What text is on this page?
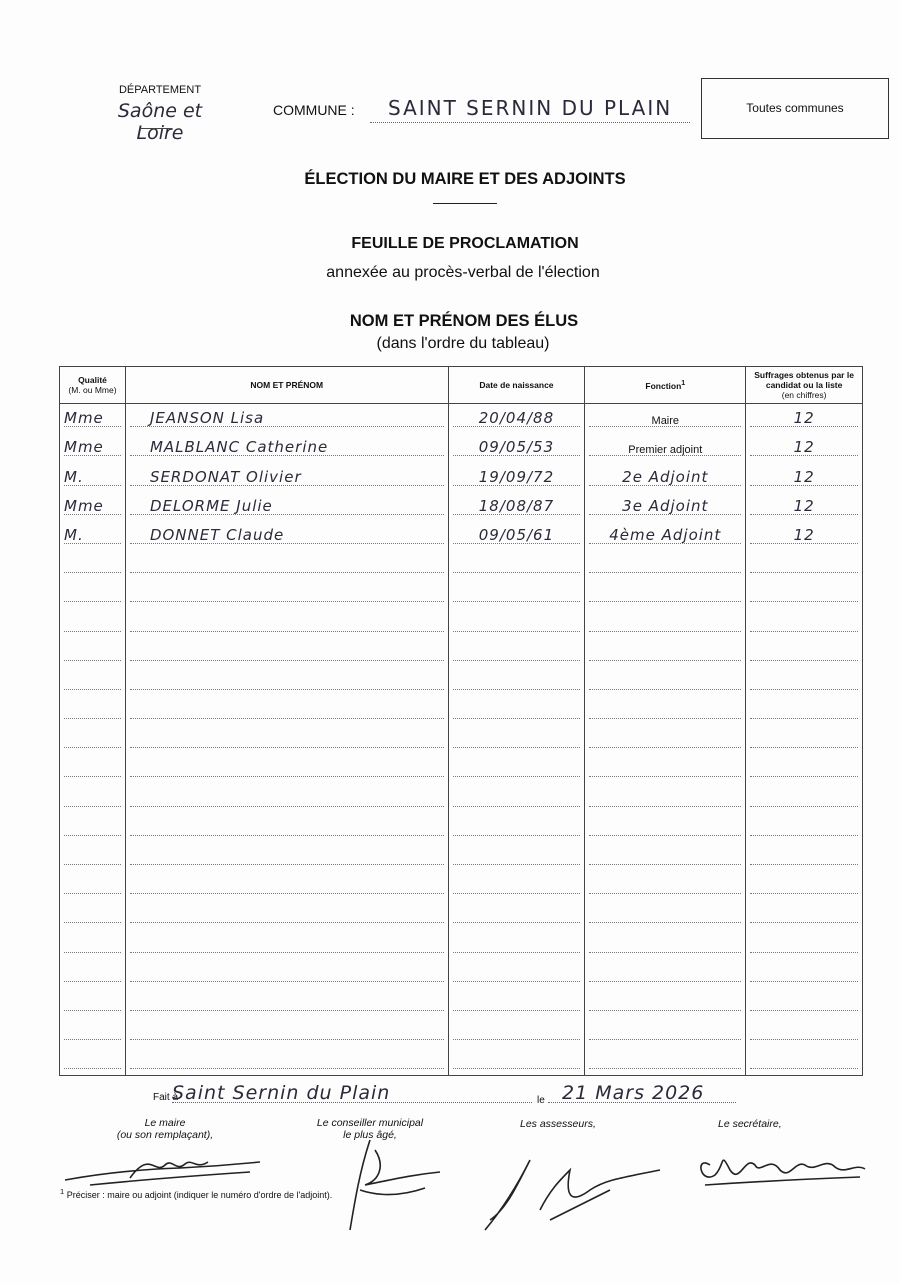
DÉPARTEMENT
Saône et Loire
COMMUNE : SAINT SERNIN DU PLAIN	Toutes communes
ÉLECTION DU MAIRE ET DES ADJOINTS
FEUILLE DE PROCLAMATION
annexée au procès-verbal de l'élection
NOM ET PRÉNOM DES ÉLUS
(dans l'ordre du tableau)
Qualité
(M. ou Mme)	NOM ET PRÉNOM	Date de naissance	Fonction$^1$	Suffrages obtenus par le candidat ou la liste
(en chiffres)

Mme	JEANSON Lisa	20/04/88	Maire	12

Mme	MALBLANC Catherine	09/05/53	Premier adjoint	12

M.	SERDONAT Olivier	19/09/72	2e Adjoint	12

Mme	DELORME Julie	18/08/87	3e Adjoint	12

M.	DONNET Claude	09/05/61	4ème Adjoint	12

Fait à
Saint Sernin du Plain	le 21 Mars 2026
Le maire
(ou son remplaçant),
Le conseiller municipal
le plus âgé,
Les assesseurs,	Le secrétaire,
$^1$ Préciser : maire ou adjoint (indiquer le numéro d'ordre de l'adjoint).
